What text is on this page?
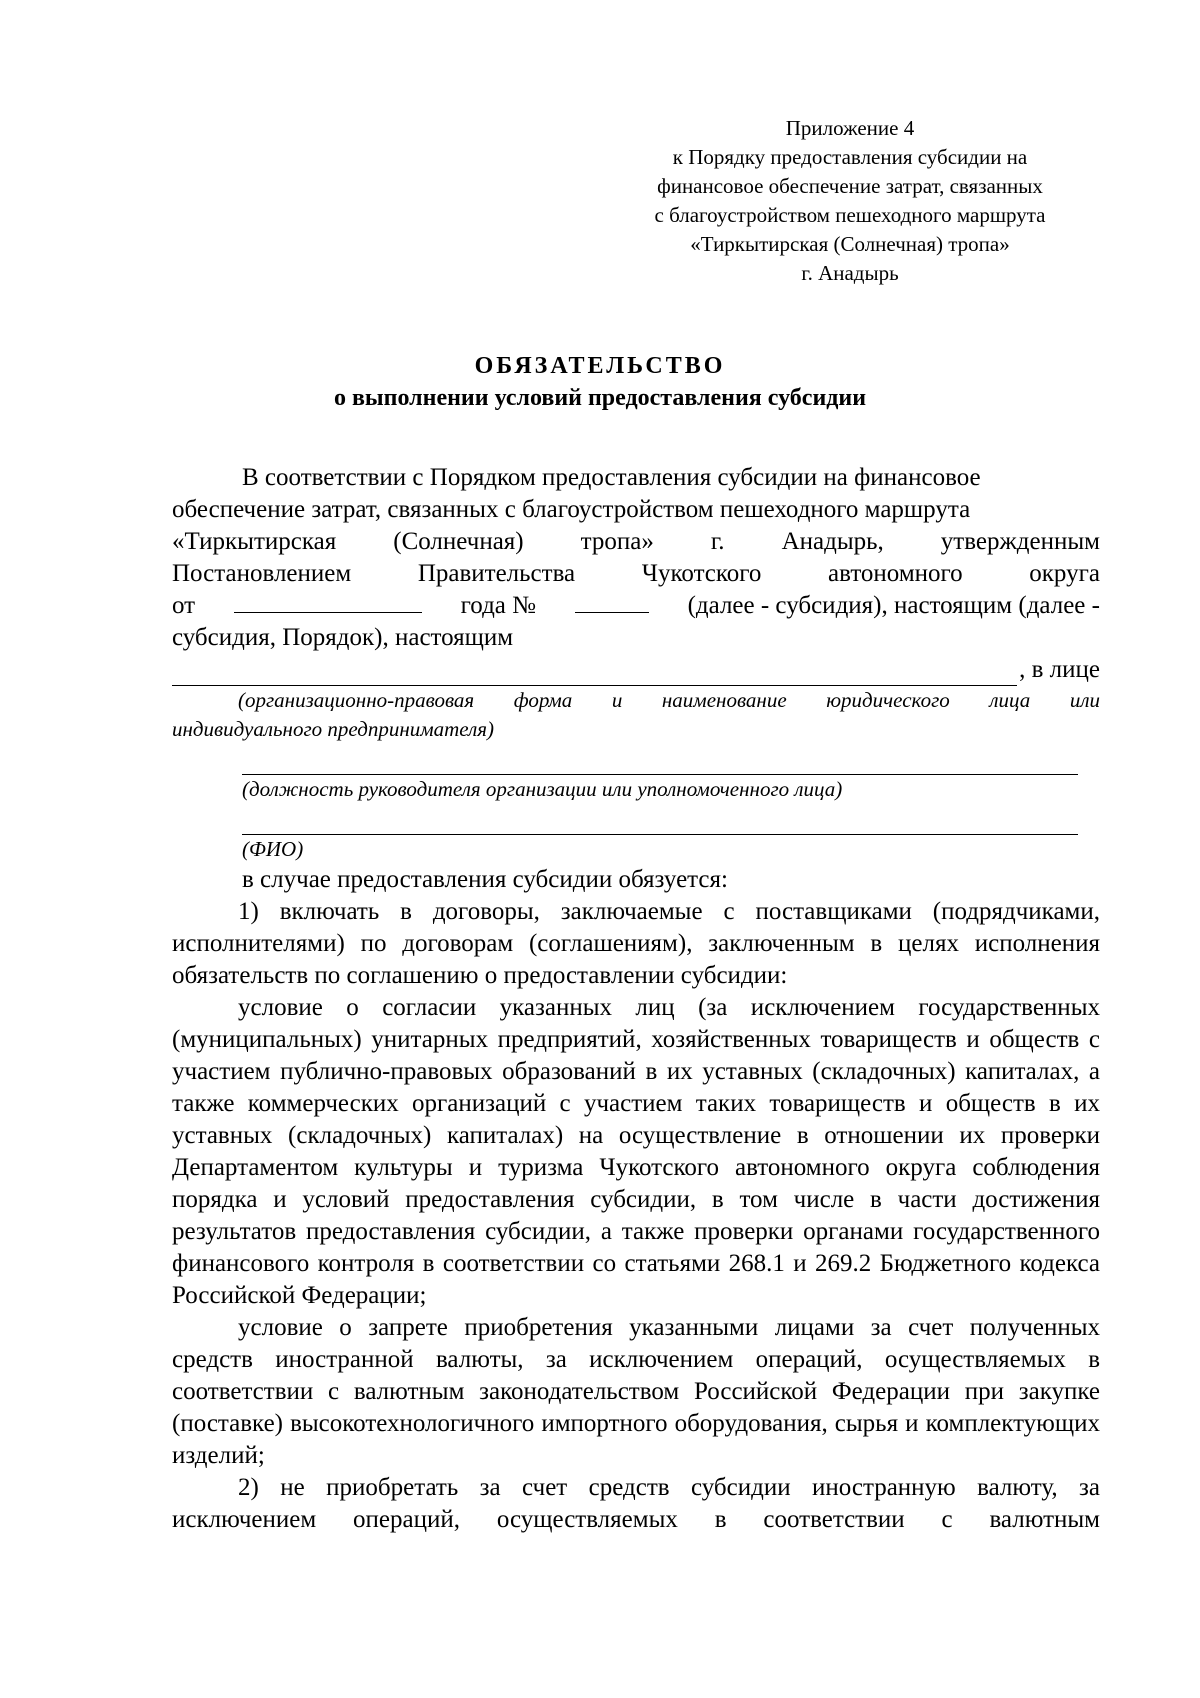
Приложение 4
к Порядку предоставления субсидии на
финансовое обеспечение затрат, связанных
с благоустройством пешеходного маршрута
«Тиркытирская (Солнечная) тропа»
г. Анадырь
ОБЯЗАТЕЛЬСТВО
о выполнении условий предоставления субсидии
В соответствии с Порядком предоставления субсидии на финансовое
обеспечение затрат, связанных с благоустройством пешеходного маршрута
«Тиркытирская (Солнечная) тропа» г. Анадырь, утвержденным
Постановлением	Правительства	Чукотского	автономного	округа
от	года №	(далее - субсидия), настоящим (далее -
субсидия, Порядок), настоящим
, в лице
(организационно-правовая форма и наименование юридического лица или
индивидуального предпринимателя)
(должность руководителя организации или уполномоченного лица)
(ФИО)
в случае предоставления субсидии обязуется:

1) включать в договоры, заключаемые с поставщиками (подрядчиками, исполнителями) по договорам (соглашениям), заключенным в целях исполнения обязательств по соглашению о предоставлении субсидии:

условие о согласии указанных лиц (за исключением государственных (муниципальных) унитарных предприятий, хозяйственных товариществ и обществ с участием публично-правовых образований в их уставных (складочных) капиталах, а также коммерческих организаций с участием таких товариществ и обществ в их уставных (складочных) капиталах) на осуществление в отношении их проверки Департаментом культуры и туризма Чукотского автономного округа соблюдения порядка и условий предоставления субсидии, в том числе в части достижения результатов предоставления субсидии, а также проверки органами государственного финансового контроля в соответствии со статьями 268.1 и 269.2 Бюджетного кодекса Российской Федерации;

условие о запрете приобретения указанными лицами за счет полученных средств иностранной валюты, за исключением операций, осуществляемых в соответствии с валютным законодательством Российской Федерации при закупке (поставке) высокотехнологичного импортного оборудования, сырья и комплектующих изделий;

2) не приобретать за счет средств субсидии иностранную валюту, за исключением операций, осуществляемых в соответствии с валютным
